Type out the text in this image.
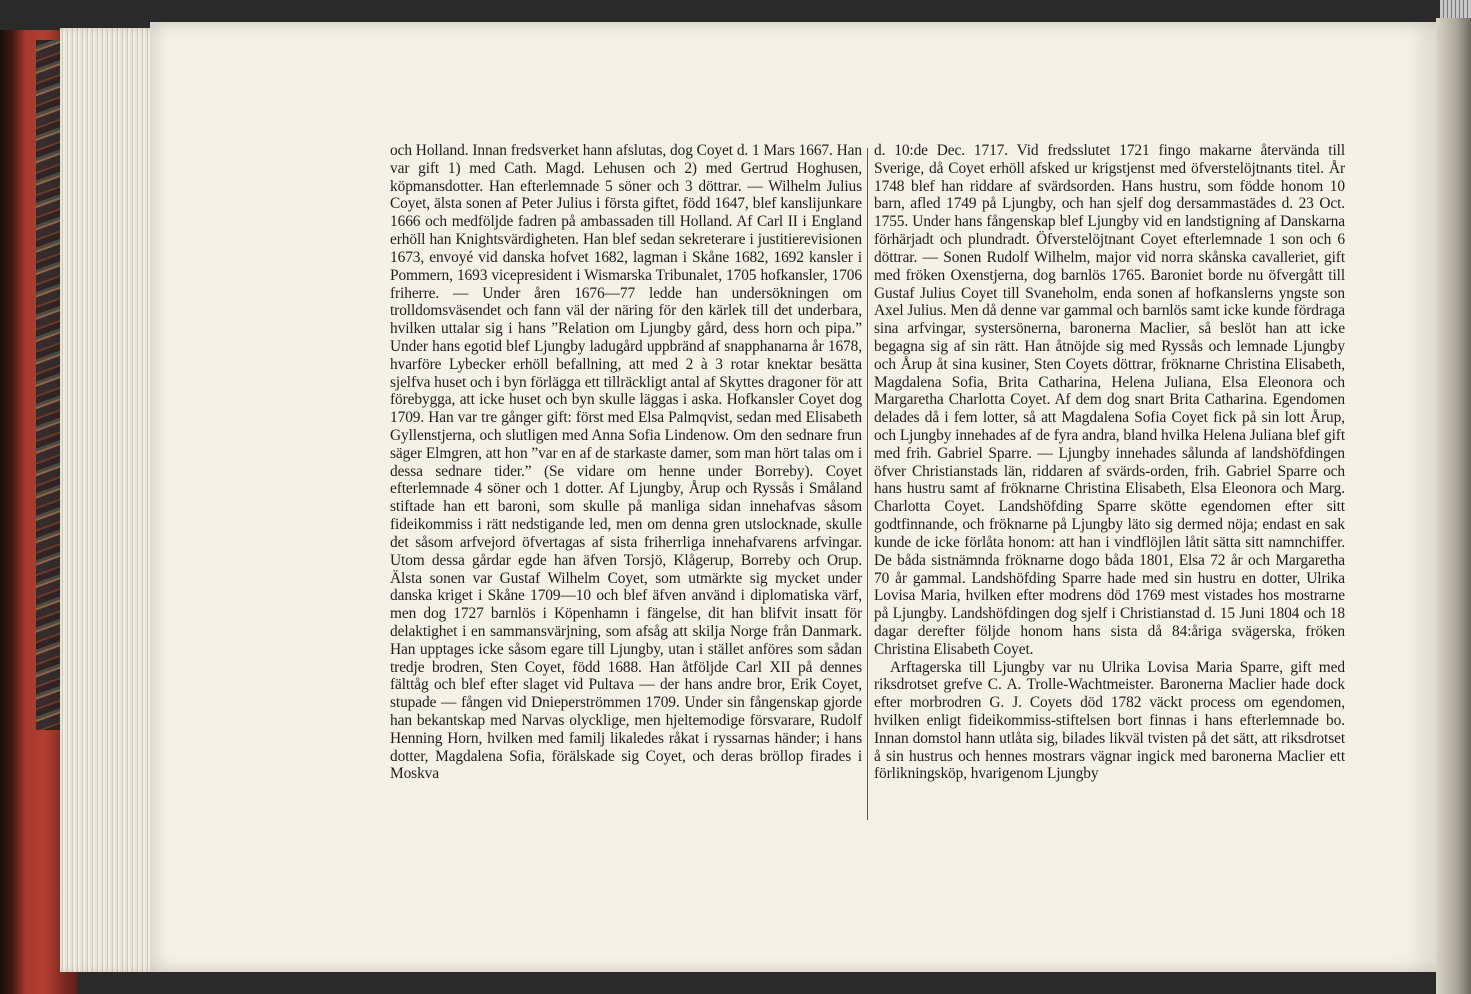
och Holland. Innan fredsverket hann afslutas, dog Coyet d. 1 Mars 1667. Han var gift 1) med Cath. Magd. Lehusen och 2) med Gertrud Hoghusen, köpmansdotter. Han efterlemnade 5 söner och 3 döttrar. — Wilhelm Julius Coyet, älsta sonen af Peter Julius i första giftet, född 1647, blef kanslijunkare 1666 och medföljde fadren på ambassaden till Holland. Af Carl II i England erhöll han Knightsvärdigheten. Han blef sedan sekreterare i justitierevisionen 1673, envoyé vid danska hofvet 1682, lagman i Skåne 1682, 1692 kansler i Pommern, 1693 vicepresident i Wismarska Tribunalet, 1705 hofkansler, 1706 friherre. — Under åren 1676—77 ledde han undersökningen om trolldomsväsendet och fann väl der näring för den kärlek till det underbara, hvilken uttalar sig i hans ”Relation om Ljungby gård, dess horn och pipa.” Under hans egotid blef Ljungby ladugård uppbränd af snapphanarna år 1678, hvarföre Lybecker erhöll befallning, att med 2 à 3 rotar knektar besätta sjelfva huset och i byn förlägga ett tillräckligt antal af Skyttes dragoner för att förebygga, att icke huset och byn skulle läggas i aska. Hofkansler Coyet dog 1709. Han var tre gånger gift: först med Elsa Palmqvist, sedan med Elisabeth Gyllenstjerna, och slutligen med Anna Sofia Lindenow. Om den sednare frun säger Elmgren, att hon ”var en af de starkaste damer, som man hört talas om i dessa sednare tider.” (Se vidare om henne under Borreby). Coyet efterlemnade 4 söner och 1 dotter. Af Ljungby, Årup och Ryssås i Småland stiftade han ett baroni, som skulle på manliga sidan innehafvas såsom fideikommiss i rätt nedstigande led, men om denna gren utslocknade, skulle det såsom arfvejord öfvertagas af sista friherrliga innehafvarens arfvingar. Utom dessa gårdar egde han äfven Torsjö, Klågerup, Borreby och Orup. Älsta sonen var Gustaf Wilhelm Coyet, som utmärkte sig mycket under danska kriget i Skåne 1709—10 och blef äfven använd i diplomatiska värf, men dog 1727 barnlös i Köpenhamn i fängelse, dit han blifvit insatt för delaktighet i en sammansvärjning, som afsåg att skilja Norge från Danmark. Han upptages icke såsom egare till Ljungby, utan i stället anföres som sådan tredje brodren, Sten Coyet, född 1688. Han åtföljde Carl XII på dennes fälttåg och blef efter slaget vid Pultava — der hans andre bror, Erik Coyet, stupade — fången vid Dnieperströmmen 1709. Under sin fångenskap gjorde han bekantskap med Narvas olycklige, men hjeltemodige försvarare, Rudolf Henning Horn, hvilken med familj likaledes råkat i ryssarnas händer; i hans dotter, Magdalena Sofia, förälskade sig Coyet, och deras bröllop firades i Moskva

d. 10:de Dec. 1717. Vid fredsslutet 1721 fingo makarne återvända till Sverige, då Coyet erhöll afsked ur krigstjenst med öfverstelöjtnants titel. År 1748 blef han riddare af svärdsorden. Hans hustru, som födde honom 10 barn, afled 1749 på Ljungby, och han sjelf dog dersammastädes d. 23 Oct. 1755. Under hans fångenskap blef Ljungby vid en landstigning af Danskarna förhärjadt och plundradt. Öfverstelöjtnant Coyet efterlemnade 1 son och 6 döttrar. — Sonen Rudolf Wilhelm, major vid norra skånska cavalleriet, gift med fröken Oxenstjerna, dog barnlös 1765. Baroniet borde nu öfvergått till Gustaf Julius Coyet till Svaneholm, enda sonen af hofkanslerns yngste son Axel Julius. Men då denne var gammal och barnlös samt icke kunde fördraga sina arfvingar, systersönerna, baronerna Maclier, så beslöt han att icke begagna sig af sin rätt. Han åtnöjde sig med Ryssås och lemnade Ljungby och Årup åt sina kusiner, Sten Coyets döttrar, fröknarne Christina Elisabeth, Magdalena Sofia, Brita Catharina, Helena Juliana, Elsa Eleonora och Margaretha Charlotta Coyet. Af dem dog snart Brita Catharina. Egendomen delades då i fem lotter, så att Magdalena Sofia Coyet fick på sin lott Årup, och Ljungby innehades af de fyra andra, bland hvilka Helena Juliana blef gift med frih. Gabriel Sparre. — Ljungby innehades sålunda af landshöfdingen öfver Christianstads län, riddaren af svärds-orden, frih. Gabriel Sparre och hans hustru samt af fröknarne Christina Elisabeth, Elsa Eleonora och Marg. Charlotta Coyet. Landshöfding Sparre skötte egendomen efter sitt godtfinnande, och fröknarne på Ljungby läto sig dermed nöja; endast en sak kunde de icke förlåta honom: att han i vindflöjlen låtit sätta sitt namnchiffer. De båda sistnämnda fröknarne dogo båda 1801, Elsa 72 år och Margaretha 70 år gammal. Landshöfding Sparre hade med sin hustru en dotter, Ulrika Lovisa Maria, hvilken efter modrens död 1769 mest vistades hos mostrarne på Ljungby. Landshöfdingen dog sjelf i Christianstad d. 15 Juni 1804 och 18 dagar derefter följde honom hans sista då 84:åriga svägerska, fröken Christina Elisabeth Coyet.

Arftagerska till Ljungby var nu Ulrika Lovisa Maria Sparre, gift med riksdrotset grefve C. A. Trolle-Wachtmeister. Baronerna Maclier hade dock efter morbrodren G. J. Coyets död 1782 väckt process om egendomen, hvilken enligt fideikommiss-stiftelsen bort finnas i hans efterlemnade bo. Innan domstol hann utlåta sig, bilades likväl tvisten på det sätt, att riksdrotset å sin hustrus och hennes mostrars vägnar ingick med baronerna Maclier ett förlikningsköp, hvarigenom Ljungby
